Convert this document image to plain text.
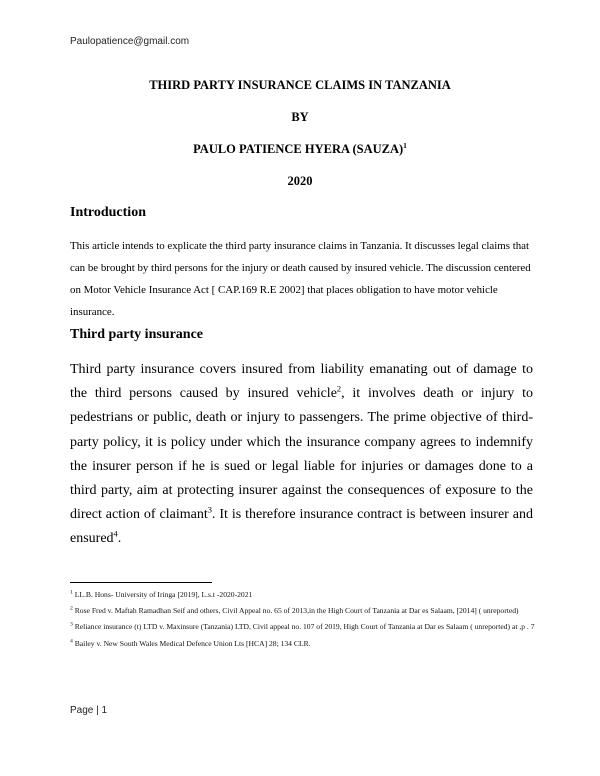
Paulopatience@gmail.com
THIRD PARTY INSURANCE CLAIMS IN TANZANIA
BY
PAULO PATIENCE HYERA (SAUZA)$^1$
2020
Introduction
This article intends to explicate the third party insurance claims in Tanzania. It discusses legal claims that can be brought by third persons for the injury or death caused by insured vehicle. The discussion centered on Motor Vehicle Insurance Act [ CAP.169 R.E 2002] that places obligation to have motor vehicle insurance.
Third party insurance
Third party insurance covers insured from liability emanating out of damage to the third persons caused by insured vehicle$^2$, it involves death or injury to pedestrians or public, death or injury to passengers. The prime objective of third- party policy, it is policy under which the insurance company agrees to indemnify the insurer person if he is sued or legal liable for injuries or damages done to a third party, aim at protecting insurer against the consequences of exposure to the direct action of claimant$^3$. It is therefore insurance contract is between insurer and ensured$^4$.
$^1$ LL.B. Hons- University of Iringa [2019], L.s.t -2020-2021
$^2$ Rose Fred v. Maftah Ramadhan Seif and others, Civil Appeal no. 65 of 2013,in the High Court of Tanzania at Dar es Salaam, [2014] ( unreported)
$^3$ Reliance insurance (t) LTD v. Maxinsure (Tanzania) LTD, Civil appeal no. 107 of 2019, High Court of Tanzania at Dar es Salaam ( unreported) at ,p . 7
$^4$ Bailey v. New South Wales Medical Defence Union Lts [HCA] 28; 134 CLR.
Page | 1
